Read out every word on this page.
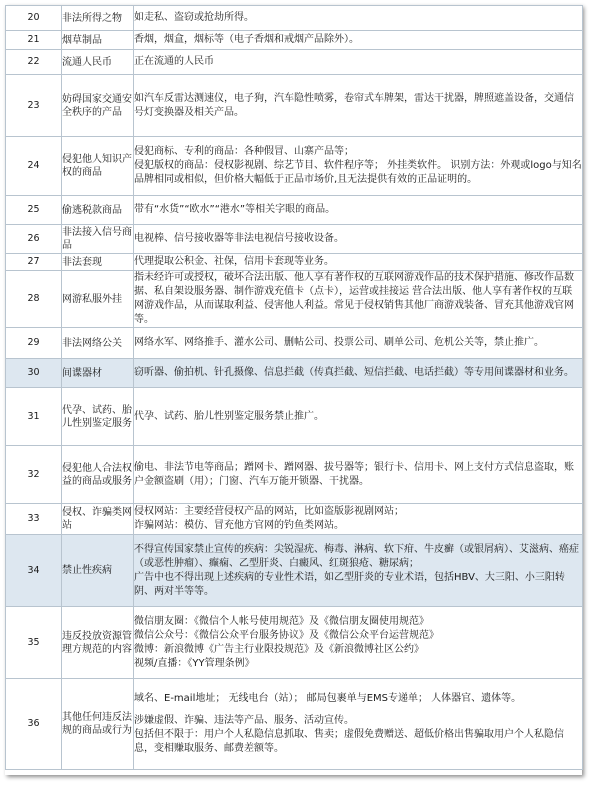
20	非法所得之物	如走私、盗窃或抢劫所得。

21	烟草制品	香烟，烟盒，烟标等（电子香烟和戒烟产品除外）。

22	流通人民币	正在流通的人民币

23	妨碍国家交通安全秩序的产品	如汽车反雷达测速仪，电子狗，汽车隐性喷雾，卷帘式车牌架，雷达干扰器，牌照遮盖设备，交通信号灯变换器及相关产品。

24	侵犯他人知识产权的商品	侵犯商标、专利的商品：各种假冒、山寨产品等；
侵犯版权的商品：侵权影视剧、综艺节目、软件程序等； 外挂类软件。 识别方法：外观或logo与知名品牌相同或相似，但价格大幅低于正品市场价,且无法提供有效的正品证明的。

25	偷逃税款商品	带有“水货”“欧水”“港水”等相关字眼的商品。

26	非法接入信号商品	电视棒、信号接收器等非法电视信号接收设备。

27	非法套现	代理提取公积金、社保，信用卡套现等业务。

28	网游私服外挂	指未经许可或授权，破坏合法出版、他人享有著作权的互联网游戏作品的技术保护措施、修改作品数据、私自架设服务器、制作游戏充值卡（点卡），运营或挂接运 营合法出版、他人享有著作权的互联网游戏作品，从而谋取利益、侵害他人利益。常见于侵权销售其他厂商游戏装备、冒充其他游戏官网等。

29	非法网络公关	网络水军、网络推手、灌水公司、删帖公司、投票公司、刷单公司、危机公关等，禁止推广。

30	间谍器材	窃听器、偷拍机、针孔摄像、信息拦截（传真拦截、短信拦截、电话拦截）等专用间谍器材和业务。

31	代孕、试药、胎儿性别鉴定服务	代孕、试药、胎儿性别鉴定服务禁止推广。

32	侵犯他人合法权益的商品或服务	偷电、非法节电等商品；蹭网卡、蹭网器、拔号器等；银行卡、信用卡、网上支付方式信息盗取，账户金额盗刷（用）；门窗、汽车万能开锁器、干扰器。

33	侵权、诈骗类网站	侵权网站：主要经营侵权产品的网站，比如盗版影视剧网站；
诈骗网站：模仿、冒充他方官网的钓鱼类网站。

34	禁止性疾病	不得宣传国家禁止宣传的疾病：尖锐湿疣、梅毒、淋病、软下疳、牛皮癣（或银屑病）、艾滋病、癌症（或恶性肿瘤）、癫痫、乙型肝炎、白癜风、红斑狼疮、糖尿病；
广告中也不得出现上述疾病的专业性术语，如乙型肝炎的专业术语，包括HBV、大三阳、小三阳转阴、两对半等等。

35	违反投放资源管理方规范的内容	微信朋友圈：《微信个人帐号使用规范》及《微信朋友圈使用规范》
微信公众号：《微信公众平台服务协议》及《微信公众平台运营规范》
微博：新浪微博《广告主行业限投规范》及《新浪微博社区公约》
视频/直播：《YY管理条例》

36	其他任何违反法规的商品或行为	域名、E-mail地址； 无线电台（站）； 邮局包裹单与EMS专递单； 人体器官、遗体等。
涉嫌虚假、诈骗、违法等产品、服务、活动宣传。
包括但不限于：用户个人私隐信息抓取、售卖；虚假免费赠送、超低价格出售骗取用户个人私隐信息，变相赚取服务、邮费差额等。
